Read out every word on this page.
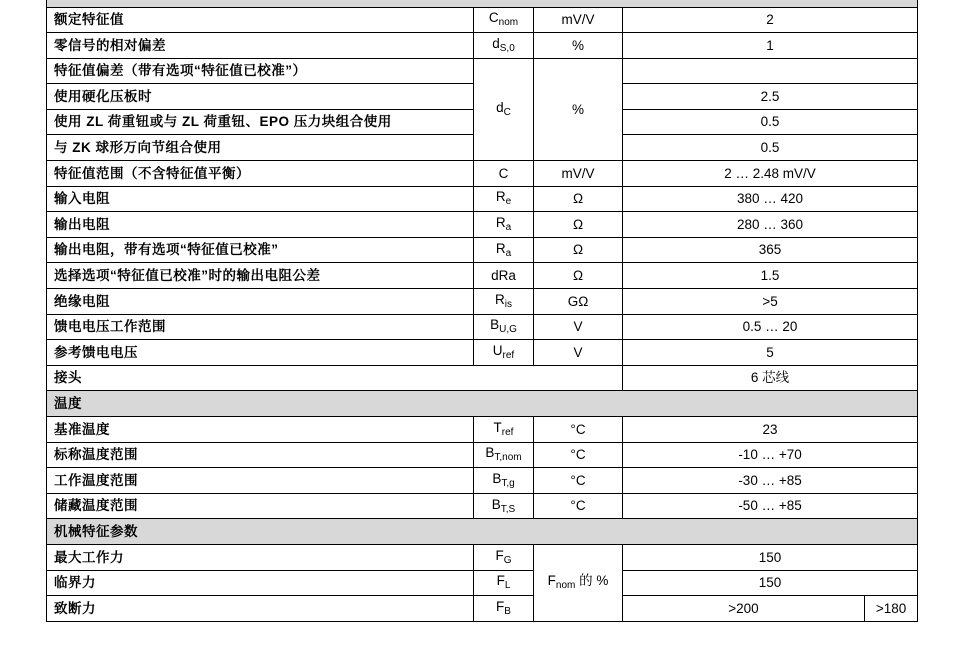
额定特征值	$C_{nom}$	mV/V	2	
零信号的相对偏差	$d_{S,0}$	%	1	
特征值偏差（带有选项“特征值已校准”）	$d_C$	%		
使用硬化压板时			2.5	
使用 ZL 荷重钮或与 ZL 荷重钮、EPO 压力块组合使用			0.5	
与 ZK 球形万向节组合使用			0.5	
特征值范围（不含特征值平衡）	C	mV/V	2 … 2.48 mV/V	
输入电阻	$R_e$	Ω	380 … 420	
输出电阻	$R_a$	Ω	280 … 360	
输出电阻，带有选项“特征值已校准”	$R_a$	Ω	365	
选择选项“特征值已校准”时的输出电阻公差	dRa	Ω	1.5	
绝缘电阻	$R_{is}$	GΩ	>5	
馈电电压工作范围	$B_{U,G}$	V	0.5 … 20	
参考馈电电压	$U_{ref}$	V	5	
接头			6 芯线	
温度				
基准温度	$T_{ref}$	°C	23	
标称温度范围	$B_{T,nom}$	°C	-10 … +70	
工作温度范围	$B_{T,g}$	°C	-30 … +85	
储藏温度范围	$B_{T,S}$	°C	-50 … +85	
机械特征参数				
最大工作力	$F_G$	$F_{nom}$ 的 %	150	
临界力	$F_L$		150	
致断力	$F_B$		>200	>180
